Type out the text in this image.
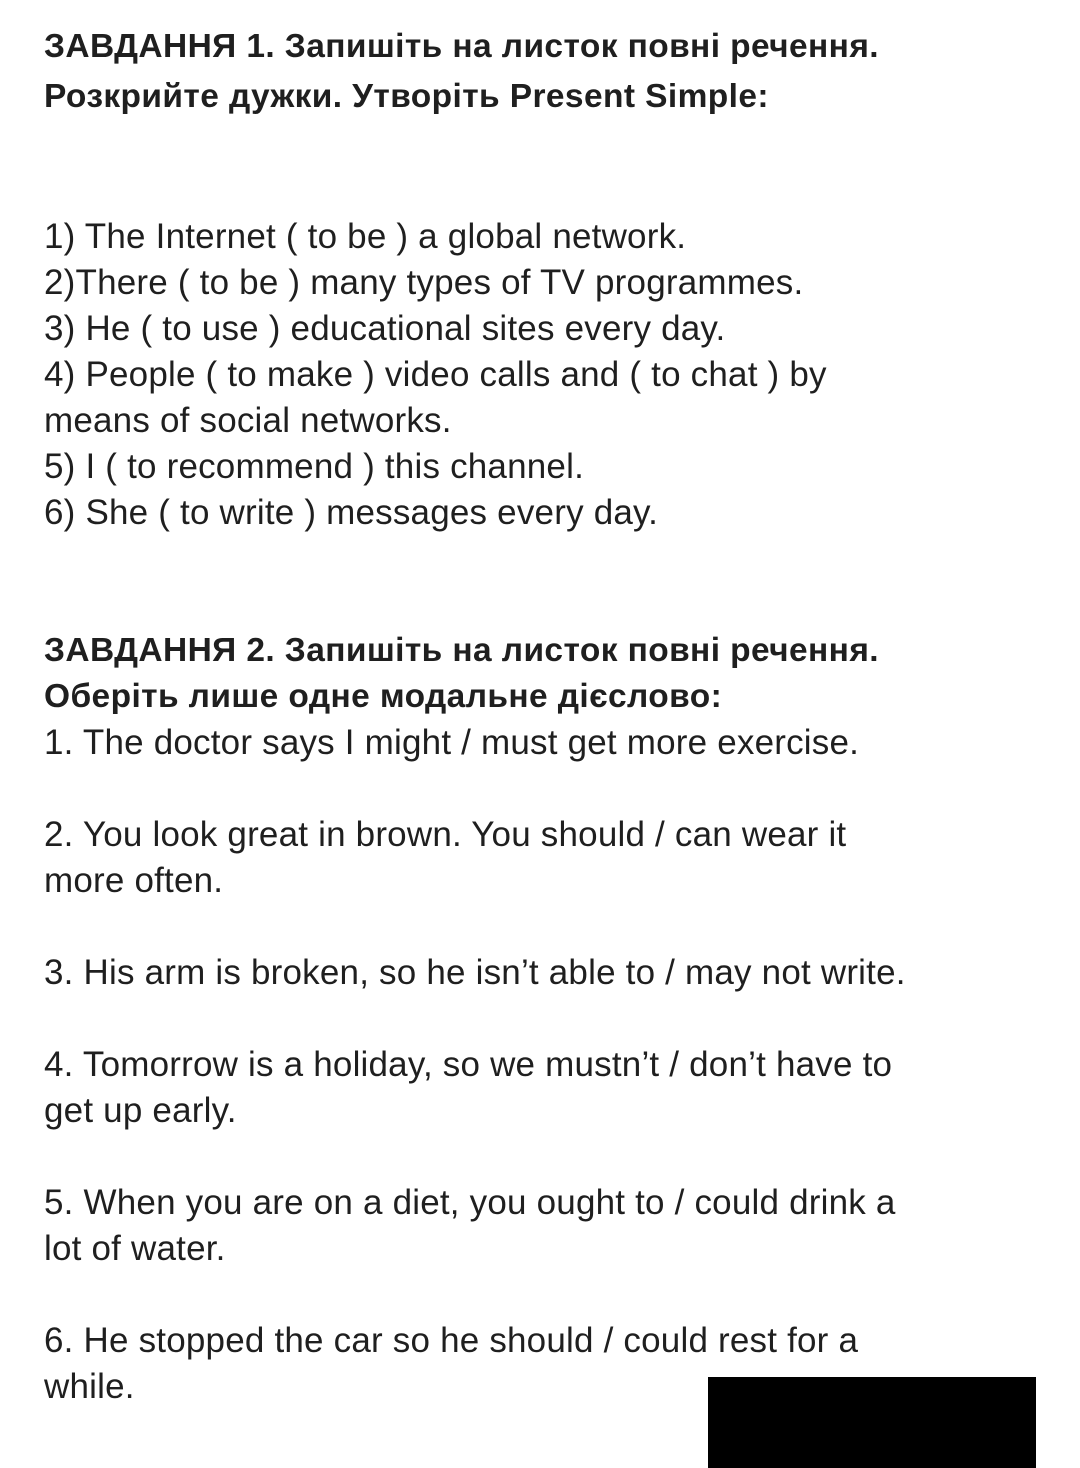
ЗАВДАННЯ 1. Запишіть на листок повні речення.
Розкрийте дужки. Утворіть Present Simple:
1) The Internet ( to be ) a global network.
2)There ( to be ) many types of TV programmes.
3) He ( to use ) educational sites every day.
4) People ( to make ) video calls and ( to chat ) by
means of social networks.
5) I ( to recommend ) this channel.
6) She ( to write ) messages every day.
ЗАВДАННЯ 2. Запишіть на листок повні речення.
Оберіть лише одне модальне дієслово:
1. The doctor says I might / must get more exercise.
2. You look great in brown. You should / can wear it
more often.
3. His arm is broken, so he isn’t able to / may not write.
4. Tomorrow is a holiday, so we mustn’t / don’t have to
get up early.
5. When you are on a diet, you ought to / could drink a
lot of water.
6. He stopped the car so he should / could rest for a
while.
